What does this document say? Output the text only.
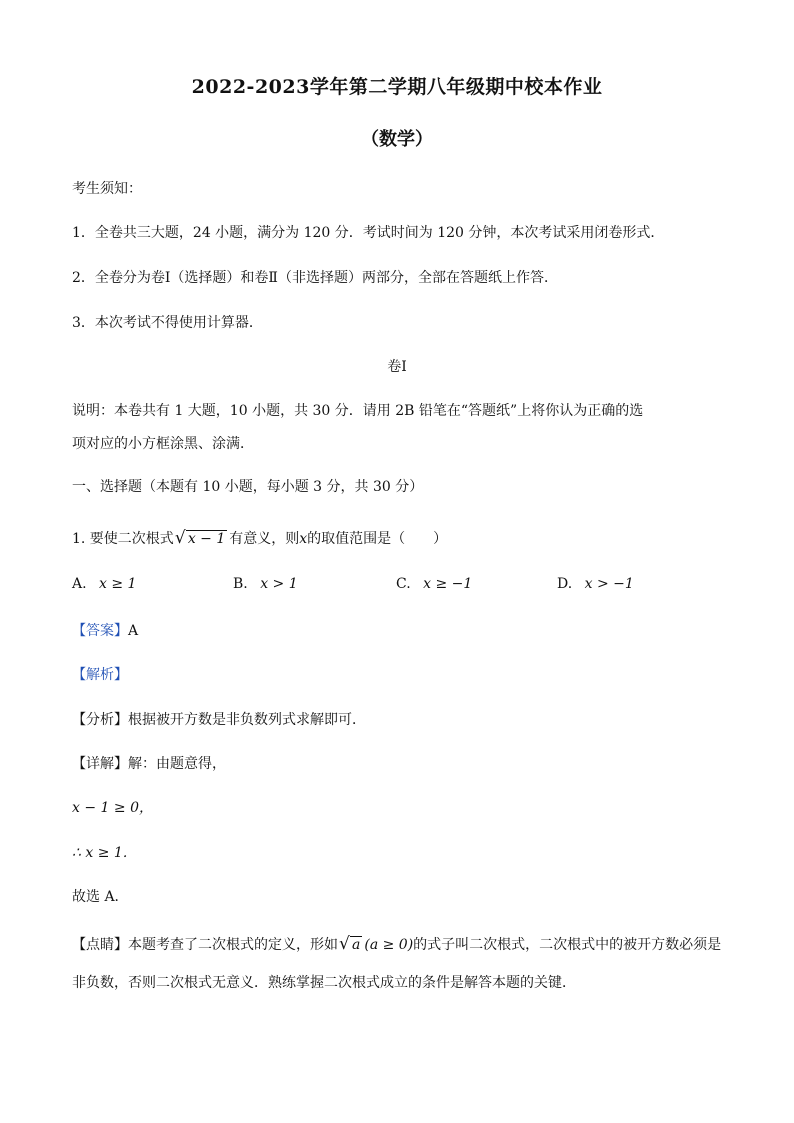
2022-2023学年第二学期八年级期中校本作业
（数学）
考生须知：
1．全卷共三大题，24 小题，满分为 120 分．考试时间为 120 分钟，本次考试采用闭卷形式．
2．全卷分为卷Ⅰ（选择题）和卷Ⅱ（非选择题）两部分，全部在答题纸上作答．
3．本次考试不得使用计算器．
卷Ⅰ
说明：本卷共有 1 大题，10 小题，共 30 分．请用 2B 铅笔在“答题纸”上将你认为正确的选
项对应的小方框涂黑、涂满．
一、选择题（本题有 10 小题，每小题 3 分，共 30 分）
1. 要使二次根式 √ x − 1 有意义，则x的取值范围是（　　）
A. x ≥ 1	B. x > 1	C. x ≥ −1	D. x > −1
【答案】A
【解析】
【分析】根据被开方数是非负数列式求解即可．
【详解】解：由题意得，
x − 1 ≥ 0，
∴ x ≥ 1．
故选 A．
【点睛】本题考查了二次根式的定义，形如 √ a (a ≥ 0)的式子叫二次根式，二次根式中的被开方数必须是
非负数，否则二次根式无意义．熟练掌握二次根式成立的条件是解答本题的关键．
